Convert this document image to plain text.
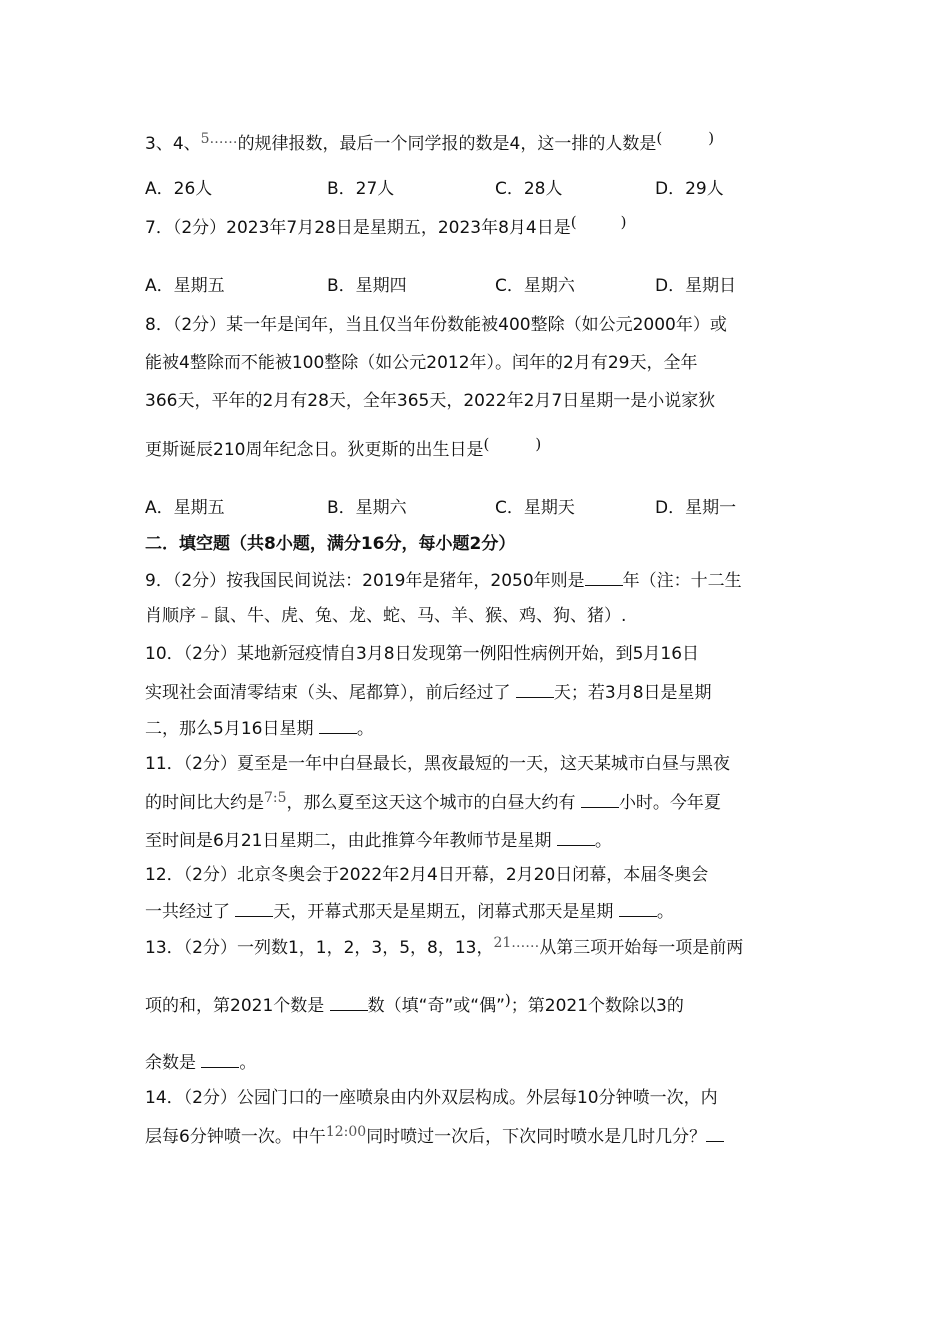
3、4、$^{5\dots\dots}$的规律报数，最后一个同学报的数是4，这一排的人数是(	)
A．26人	B．27人	C．28人	D．29人
7．（2分）2023年7月28日是星期五，2023年8月4日是(	)
A．星期五	B．星期四	C．星期六	D．星期日
8．（2分）某一年是闰年，当且仅当年份数能被400整除（如公元2000年）或
能被4整除而不能被100整除（如公元2012年）。闰年的2月有29天，全年
366天，平年的2月有28天，全年365天，2022年2月7日星期一是小说家狄
更斯诞辰210周年纪念日。狄更斯的出生日是(	)
A．星期五	B．星期六	C．星期天	D．星期一
二．填空题（共8小题，满分16分，每小题2分）
9．（2分）按我国民间说法：2019年是猪年，2050年则是 年（注：十二生
肖顺序﹣鼠、牛、虎、兔、龙、蛇、马、羊、猴、鸡、狗、猪）.
10．（2分）某地新冠疫情自3月8日发现第一例阳性病例开始，到5月16日
实现社会面清零结束（头、尾都算），前后经过了 天；若3月8日是星期
二，那么5月16日星期 。
11．（2分）夏至是一年中白昼最长，黑夜最短的一天，这天某城市白昼与黑夜
的时间比大约是$^{7:5}$，那么夏至这天这个城市的白昼大约有 小时。今年夏
至时间是6月21日星期二，由此推算今年教师节是星期 。
12．（2分）北京冬奥会于2022年2月4日开幕，2月20日闭幕，本届冬奥会
一共经过了 天，开幕式那天是星期五，闭幕式那天是星期 。
13．（2分）一列数1，1，2，3，5，8，13，$^{21\dots\dots}$从第三项开始每一项是前两
项的和，第2021个数是 数（填“奇”或“偶”)；第2021个数除以3的
余数是 。
14．（2分）公园门口的一座喷泉由内外双层构成。外层每10分钟喷一次，内
层每6分钟喷一次。中午$^{12:00}$同时喷过一次后，下次同时喷水是几时几分？
